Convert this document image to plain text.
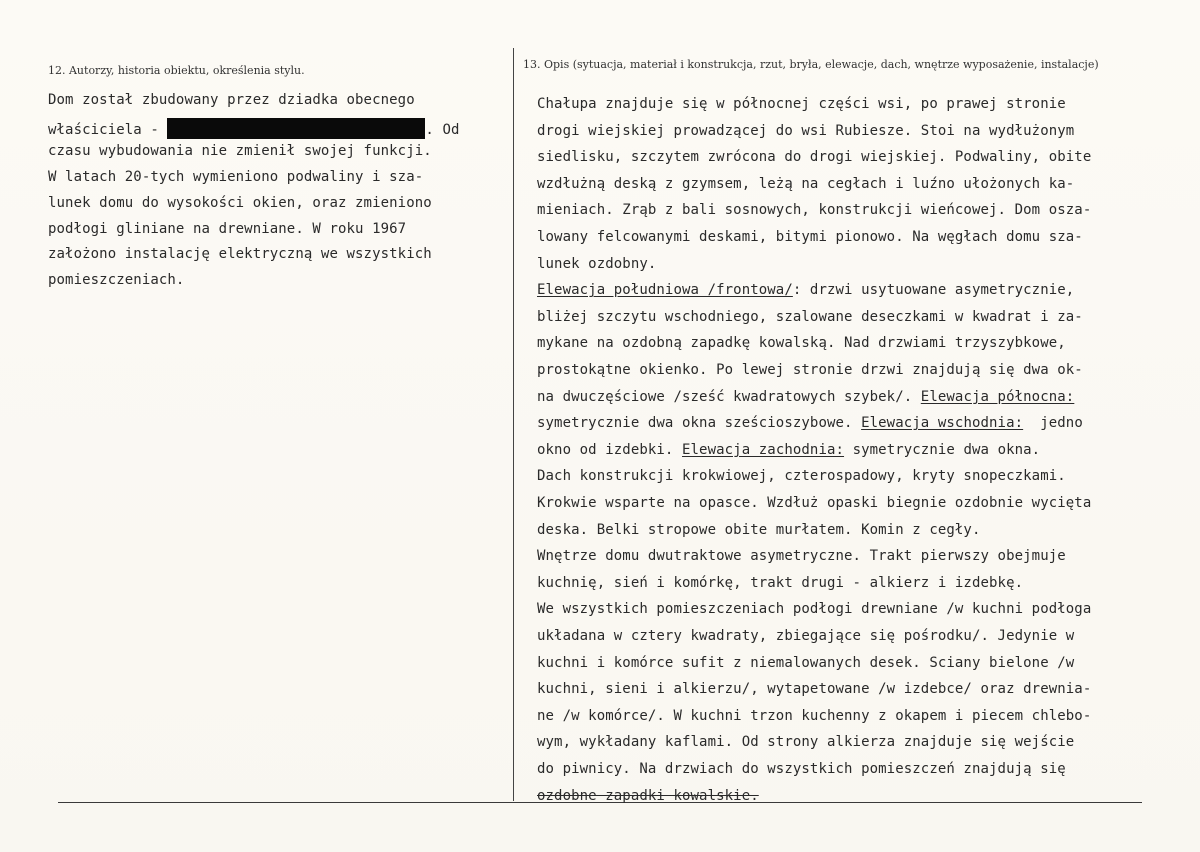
12. Autorzy, historia obiektu, określenia stylu.	13. Opis (sytuacja, materiał i konstrukcja, rzut, bryła, elewacje, dach, wnętrze wyposażenie, instalacje)
Dom został zbudowany przez dziadka obecnego
właściciela -	. Od
czasu wybudowania nie zmienił swojej funkcji.
W latach 20-tych wymieniono podwaliny i sza-
lunek domu do wysokości okien, oraz zmieniono
podłogi gliniane na drewniane. W roku 1967
założono instalację elektryczną we wszystkich
pomieszczeniach.
Chałupa znajduje się w północnej części wsi, po prawej stronie
drogi wiejskiej prowadzącej do wsi Rubiesze. Stoi na wydłużonym
siedlisku, szczytem zwrócona do drogi wiejskiej. Podwaliny, obite
wzdłużną deską z gzymsem, leżą na cegłach i luźno ułożonych ka-
mieniach. Zrąb z bali sosnowych, konstrukcji wieńcowej. Dom osza-
lowany felcowanymi deskami, bitymi pionowo. Na węgłach domu sza-
lunek ozdobny.
Elewacja południowa /frontowa/: drzwi usytuowane asymetrycznie,
bliżej szczytu wschodniego, szalowane deseczkami w kwadrat i za-
mykane na ozdobną zapadkę kowalską. Nad drzwiami trzyszybkowe,
prostokątne okienko. Po lewej stronie drzwi znajdują się dwa ok-
na dwuczęściowe /sześć kwadratowych szybek/. Elewacja północna:
symetrycznie dwa okna sześcioszybowe. Elewacja wschodnia:  jedno
okno od izdebki. Elewacja zachodnia: symetrycznie dwa okna.
Dach konstrukcji krokwiowej, czterospadowy, kryty snopeczkami.
Krokwie wsparte na opasce. Wzdłuż opaski biegnie ozdobnie wycięta
deska. Belki stropowe obite murłatem. Komin z cegły.
Wnętrze domu dwutraktowe asymetryczne. Trakt pierwszy obejmuje
kuchnię, sień i komórkę, trakt drugi - alkierz i izdebkę.
We wszystkich pomieszczeniach podłogi drewniane /w kuchni podłoga
układana w cztery kwadraty, zbiegające się pośrodku/. Jedynie w
kuchni i komórce sufit z niemalowanych desek. Sciany bielone /w
kuchni, sieni i alkierzu/, wytapetowane /w izdebce/ oraz drewnia-
ne /w komórce/. W kuchni trzon kuchenny z okapem i piecem chlebo-
wym, wykładany kaflami. Od strony alkierza znajduje się wejście
do piwnicy. Na drzwiach do wszystkich pomieszczeń znajdują się
ozdobne zapadki kowalskie.
